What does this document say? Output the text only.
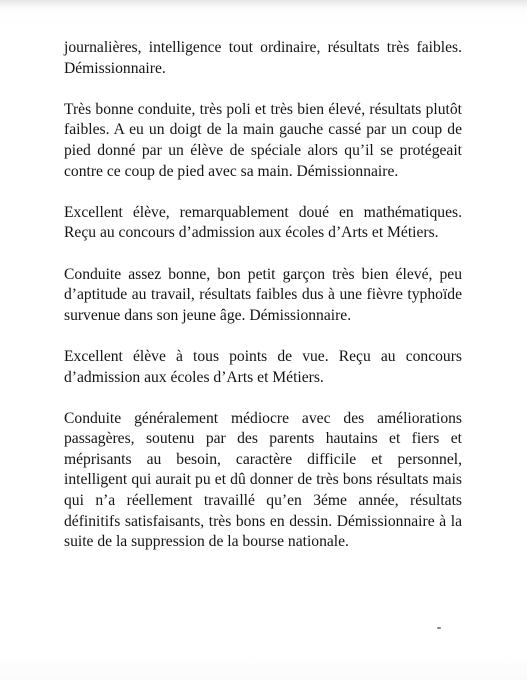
journalières, intelligence tout ordinaire, résultats très faibles. Démissionnaire.

Très bonne conduite, très poli et très bien élevé, résultats plutôt faibles. A eu un doigt de la main gauche cassé par un coup de pied donné par un élève de spéciale alors qu’il se protégeait contre ce coup de pied avec sa main. Démissionnaire.

Excellent élève, remarquablement doué en mathématiques. Reçu au concours d’admission aux écoles d’Arts et Métiers.

Conduite assez bonne, bon petit garçon très bien élevé, peu d’aptitude au travail, résultats faibles dus à une fièvre typhoïde survenue dans son jeune âge. Démissionnaire.

Excellent élève à tous points de vue. Reçu au concours d’admission aux écoles d’Arts et Métiers.

Conduite généralement médiocre avec des améliorations passagères, soutenu par des parents hautains et fiers et méprisants au besoin, caractère difficile et personnel, intelligent qui aurait pu et dû donner de très bons résultats mais qui n’a réellement travaillé qu’en 3éme année, résultats définitifs satisfaisants, très bons en dessin. Démissionnaire à la suite de la suppression de la bourse nationale.
